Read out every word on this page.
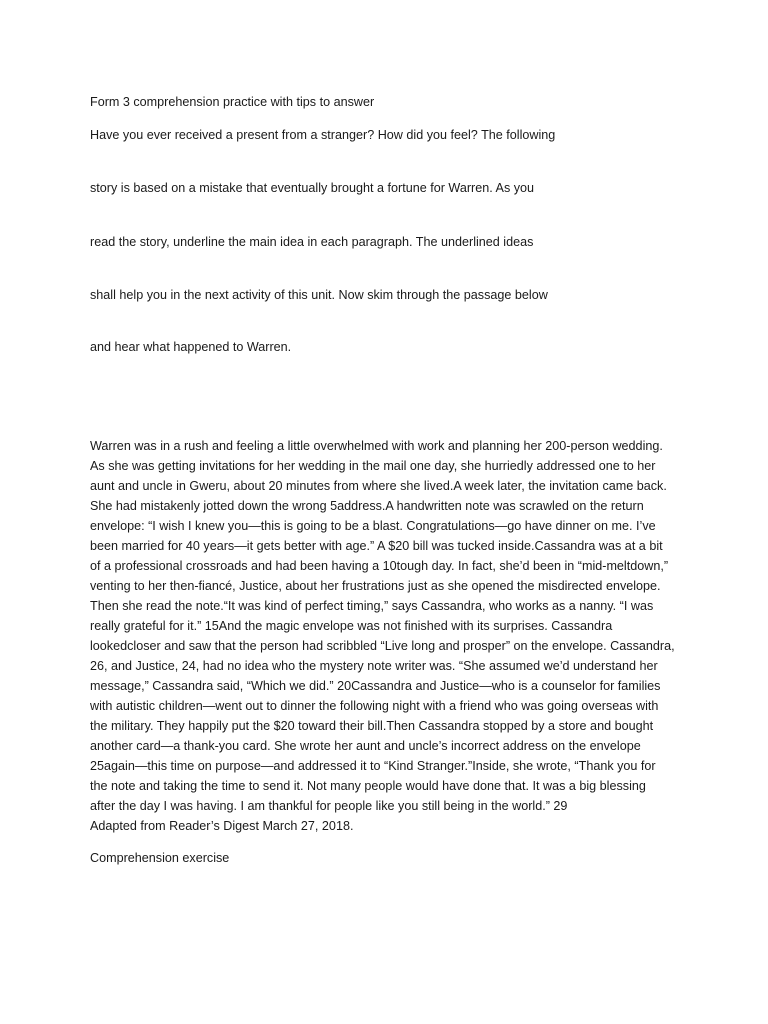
Form 3 comprehension practice with tips to answer
Have you ever received a present from a stranger? How did you feel? The following
story is based on a mistake that eventually brought a fortune for Warren. As you
read the story, underline the main idea in each paragraph. The underlined ideas
shall help you in the next activity of this unit. Now skim through the passage below
and hear what happened to Warren.
Warren was in a rush and feeling a little overwhelmed with work and planning her 200-person wedding.
As she was getting invitations for her wedding in the mail one day, she hurriedly addressed one to her
aunt and uncle in Gweru, about 20 minutes from where she lived.A week later, the invitation came back.
She had mistakenly jotted down the wrong 5address.A handwritten note was scrawled on the return
envelope: “I wish I knew you—this is going to be a blast. Congratulations—go have dinner on me. I’ve
been married for 40 years—it gets better with age.” A $20 bill was tucked inside.Cassandra was at a bit
of a professional crossroads and had been having a 10tough day. In fact, she’d been in “mid-meltdown,”
venting to her then-fiancé, Justice, about her frustrations just as she opened the misdirected envelope.
Then she read the note.“It was kind of perfect timing,” says Cassandra, who works as a nanny. “I was
really grateful for it.” 15And the magic envelope was not finished with its surprises. Cassandra
lookedcloser and saw that the person had scribbled “Live long and prosper” on the envelope. Cassandra,
26, and Justice, 24, had no idea who the mystery note writer was. “She assumed we’d understand her
message,” Cassandra said, “Which we did.” 20Cassandra and Justice—who is a counselor for families
with autistic children—went out to dinner the following night with a friend who was going overseas with
the military. They happily put the $20 toward their bill.Then Cassandra stopped by a store and bought
another card—a thank-you card. She wrote her aunt and uncle’s incorrect address on the envelope
25again—this time on purpose—and addressed it to “Kind Stranger.”Inside, she wrote, “Thank you for
the note and taking the time to send it. Not many people would have done that. It was a big blessing
after the day I was having. I am thankful for people like you still being in the world.” 29
Adapted from Reader’s Digest March 27, 2018.
Comprehension exercise
